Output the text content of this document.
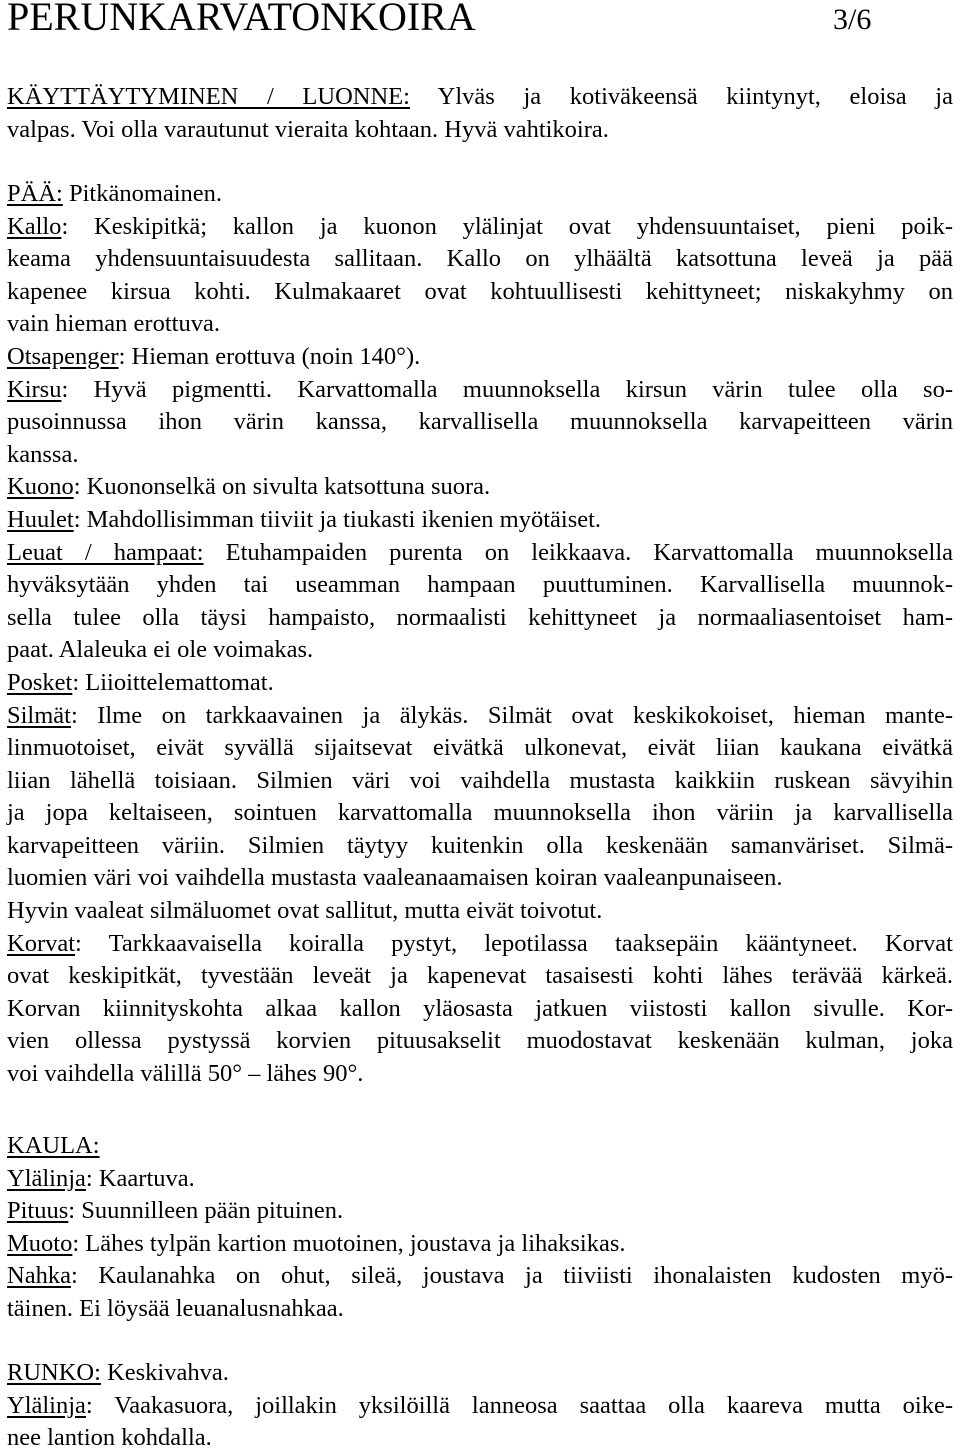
PERUNKARVATONKOIRA	3/6
KÄYTTÄYTYMINEN / LUONNE: Ylväs ja kotiväkeensä kiintynyt, eloisa ja
valpas. Voi olla varautunut vieraita kohtaan. Hyvä vahtikoira.
PÄÄ: Pitkänomainen.
Kallo: Keskipitkä; kallon ja kuonon ylälinjat ovat yhdensuuntaiset, pieni poik-
keama yhdensuuntaisuudesta sallitaan. Kallo on ylhäältä katsottuna leveä ja pää
kapenee kirsua kohti. Kulmakaaret ovat kohtuullisesti kehittyneet; niskakyhmy on
vain hieman erottuva.
Otsapenger: Hieman erottuva (noin 140°).
Kirsu: Hyvä pigmentti. Karvattomalla muunnoksella kirsun värin tulee olla so-
pusoinnussa ihon värin kanssa, karvallisella muunnoksella karvapeitteen värin
kanssa.
Kuono: Kuononselkä on sivulta katsottuna suora.
Huulet: Mahdollisimman tiiviit ja tiukasti ikenien myötäiset.
Leuat / hampaat: Etuhampaiden purenta on leikkaava. Karvattomalla muunnoksella
hyväksytään yhden tai useamman hampaan puuttuminen. Karvallisella muunnok-
sella tulee olla täysi hampaisto, normaalisti kehittyneet ja normaaliasentoiset ham-
paat. Alaleuka ei ole voimakas.
Posket: Liioittelemattomat.
Silmät: Ilme on tarkkaavainen ja älykäs. Silmät ovat keskikokoiset, hieman mante-
linmuotoiset, eivät syvällä sijaitsevat eivätkä ulkonevat, eivät liian kaukana eivätkä
liian lähellä toisiaan. Silmien väri voi vaihdella mustasta kaikkiin ruskean sävyihin
ja jopa keltaiseen, sointuen karvattomalla muunnoksella ihon väriin ja karvallisella
karvapeitteen väriin. Silmien täytyy kuitenkin olla keskenään samanväriset. Silmä-
luomien väri voi vaihdella mustasta vaaleanaamaisen koiran vaaleanpunaiseen.
Hyvin vaaleat silmäluomet ovat sallitut, mutta eivät toivotut.
Korvat: Tarkkaavaisella koiralla pystyt, lepotilassa taaksepäin kääntyneet. Korvat
ovat keskipitkät, tyvestään leveät ja kapenevat tasaisesti kohti lähes terävää kärkeä.
Korvan kiinnityskohta alkaa kallon yläosasta jatkuen viistosti kallon sivulle. Kor-
vien ollessa pystyssä korvien pituusakselit muodostavat keskenään kulman, joka
voi vaihdella välillä 50° – lähes 90°.
KAULA:
Ylälinja: Kaartuva.
Pituus: Suunnilleen pään pituinen.
Muoto: Lähes tylpän kartion muotoinen, joustava ja lihaksikas.
Nahka: Kaulanahka on ohut, sileä, joustava ja tiiviisti ihonalaisten kudosten myö-
täinen. Ei löysää leuanalusnahkaa.
RUNKO: Keskivahva.
Ylälinja: Vaakasuora, joillakin yksilöillä lanneosa saattaa olla kaareva mutta oike-
nee lantion kohdalla.
